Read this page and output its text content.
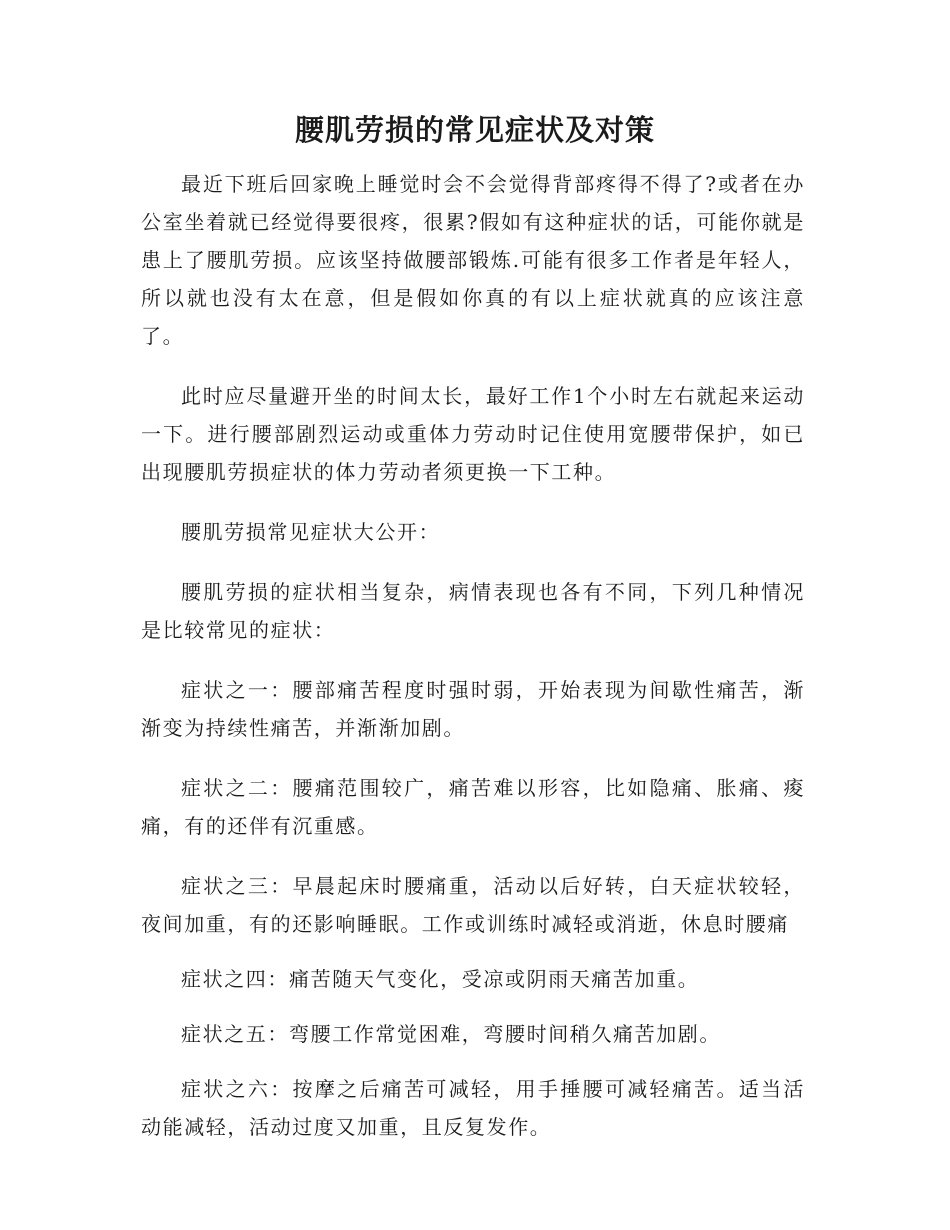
腰肌劳损的常见症状及对策

最近下班后回家晚上睡觉时会不会觉得背部疼得不得了?或者在办公室坐着就已经觉得要很疼，很累?假如有这种症状的话，可能你就是患上了腰肌劳损。应该坚持做腰部锻炼.可能有很多工作者是年轻人，所以就也没有太在意，但是假如你真的有以上症状就真的应该注意了。

此时应尽量避开坐的时间太长，最好工作1个小时左右就起来运动一下。进行腰部剧烈运动或重体力劳动时记住使用宽腰带保护，如已出现腰肌劳损症状的体力劳动者须更换一下工种。

腰肌劳损常见症状大公开：

腰肌劳损的症状相当复杂，病情表现也各有不同，下列几种情况是比较常见的症状：

症状之一：腰部痛苦程度时强时弱，开始表现为间歇性痛苦，渐渐变为持续性痛苦，并渐渐加剧。

症状之二：腰痛范围较广，痛苦难以形容，比如隐痛、胀痛、痠痛，有的还伴有沉重感。

症状之三：早晨起床时腰痛重，活动以后好转，白天症状较轻，夜间加重，有的还影响睡眠。工作或训练时减轻或消逝，休息时腰痛

症状之四：痛苦随天气变化，受凉或阴雨天痛苦加重。

症状之五：弯腰工作常觉困难，弯腰时间稍久痛苦加剧。

症状之六：按摩之后痛苦可减轻，用手捶腰可减轻痛苦。适当活动能减轻，活动过度又加重，且反复发作。
